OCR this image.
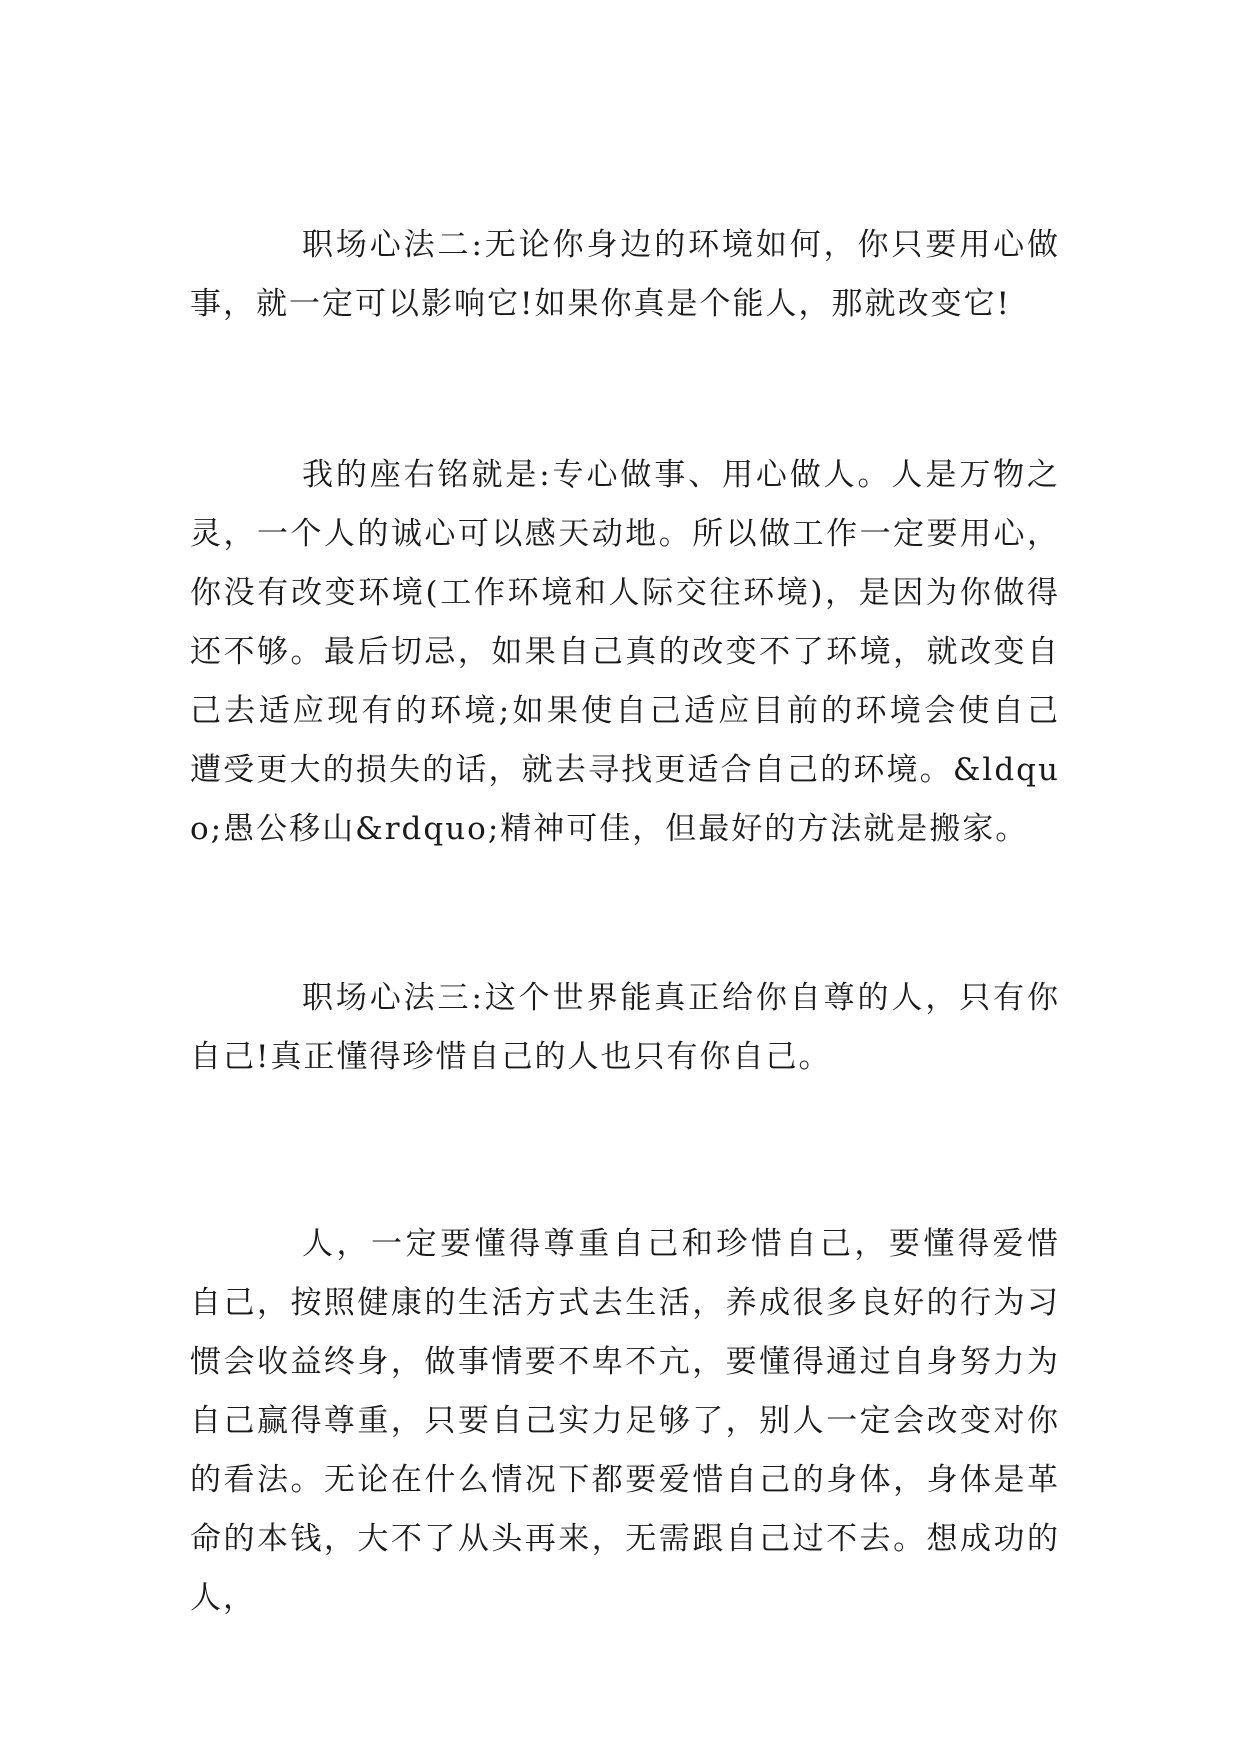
职场心法二:无论你身边的环境如何，你只要用心做事，就一定可以影响它!如果你真是个能人，那就改变它!

我的座右铭就是:专心做事、用心做人。人是万物之灵，一个人的诚心可以感天动地。所以做工作一定要用心，你没有改变环境(工作环境和人际交往环境)，是因为你做得还不够。最后切忌，如果自己真的改变不了环境，就改变自己去适应现有的环境;如果使自己适应目前的环境会使自己遭受更大的损失的话，就去寻找更适合自己的环境。&ldquo;愚公移山&rdquo;精神可佳，但最好的方法就是搬家。

职场心法三:这个世界能真正给你自尊的人，只有你自己!真正懂得珍惜自己的人也只有你自己。

人，一定要懂得尊重自己和珍惜自己，要懂得爱惜自己，按照健康的生活方式去生活，养成很多良好的行为习惯会收益终身，做事情要不卑不亢，要懂得通过自身努力为自己赢得尊重，只要自己实力足够了，别人一定会改变对你的看法。无论在什么情况下都要爱惜自己的身体，身体是革命的本钱，大不了从头再来，无需跟自己过不去。想成功的人，
